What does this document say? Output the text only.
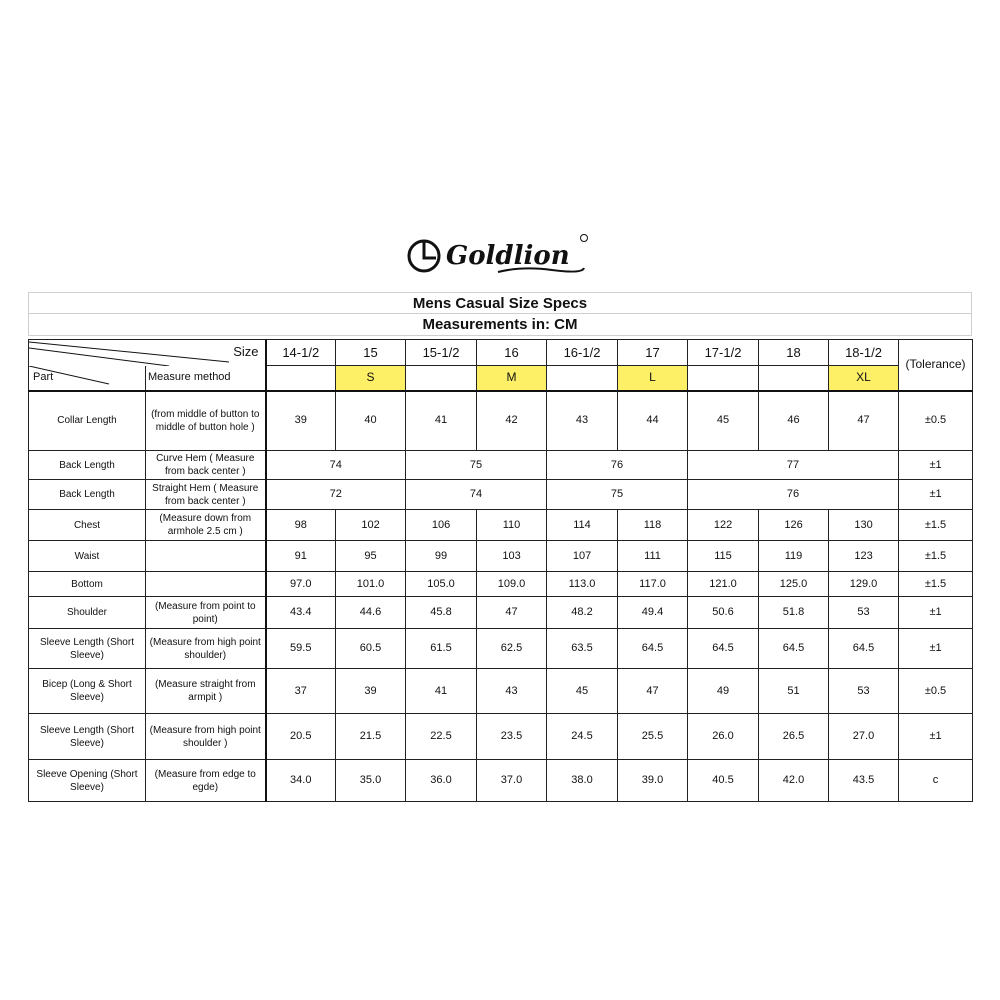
Goldlion
Mens Casual Size Specs
Measurements in: CM
Size		14-1/2	15	15-1/2	16	16-1/2	17	17-1/2	18	18-1/2	(Tolerance)

Part	Measure method		S		M		L			XL	
Collar Length	(from middle of button to middle of button hole )	39	40	41	42	43	44	45	46	47	±0.5
Back Length	Curve Hem ( Measure from back center )	74		75		76		77			±1
Back Length	Straight Hem ( Measure from back center )	72		74		75		76			±1
Chest	(Measure down from armhole 2.5 cm )	98	102	106	110	114	118	122	126	130	±1.5
Waist		91	95	99	103	107	111	115	119	123	±1.5
Bottom		97.0	101.0	105.0	109.0	113.0	117.0	121.0	125.0	129.0	±1.5
Shoulder	(Measure from point to point)	43.4	44.6	45.8	47	48.2	49.4	50.6	51.8	53	±1
Sleeve Length (Short Sleeve)	(Measure from high point shoulder)	59.5	60.5	61.5	62.5	63.5	64.5	64.5	64.5	64.5	±1
Bicep (Long & Short Sleeve)	(Measure straight from armpit )	37	39	41	43	45	47	49	51	53	±0.5
Sleeve Length (Short Sleeve)	(Measure from high point shoulder )	20.5	21.5	22.5	23.5	24.5	25.5	26.0	26.5	27.0	±1
Sleeve Opening (Short Sleeve)	(Measure from edge to egde)	34.0	35.0	36.0	37.0	38.0	39.0	40.5	42.0	43.5	c
